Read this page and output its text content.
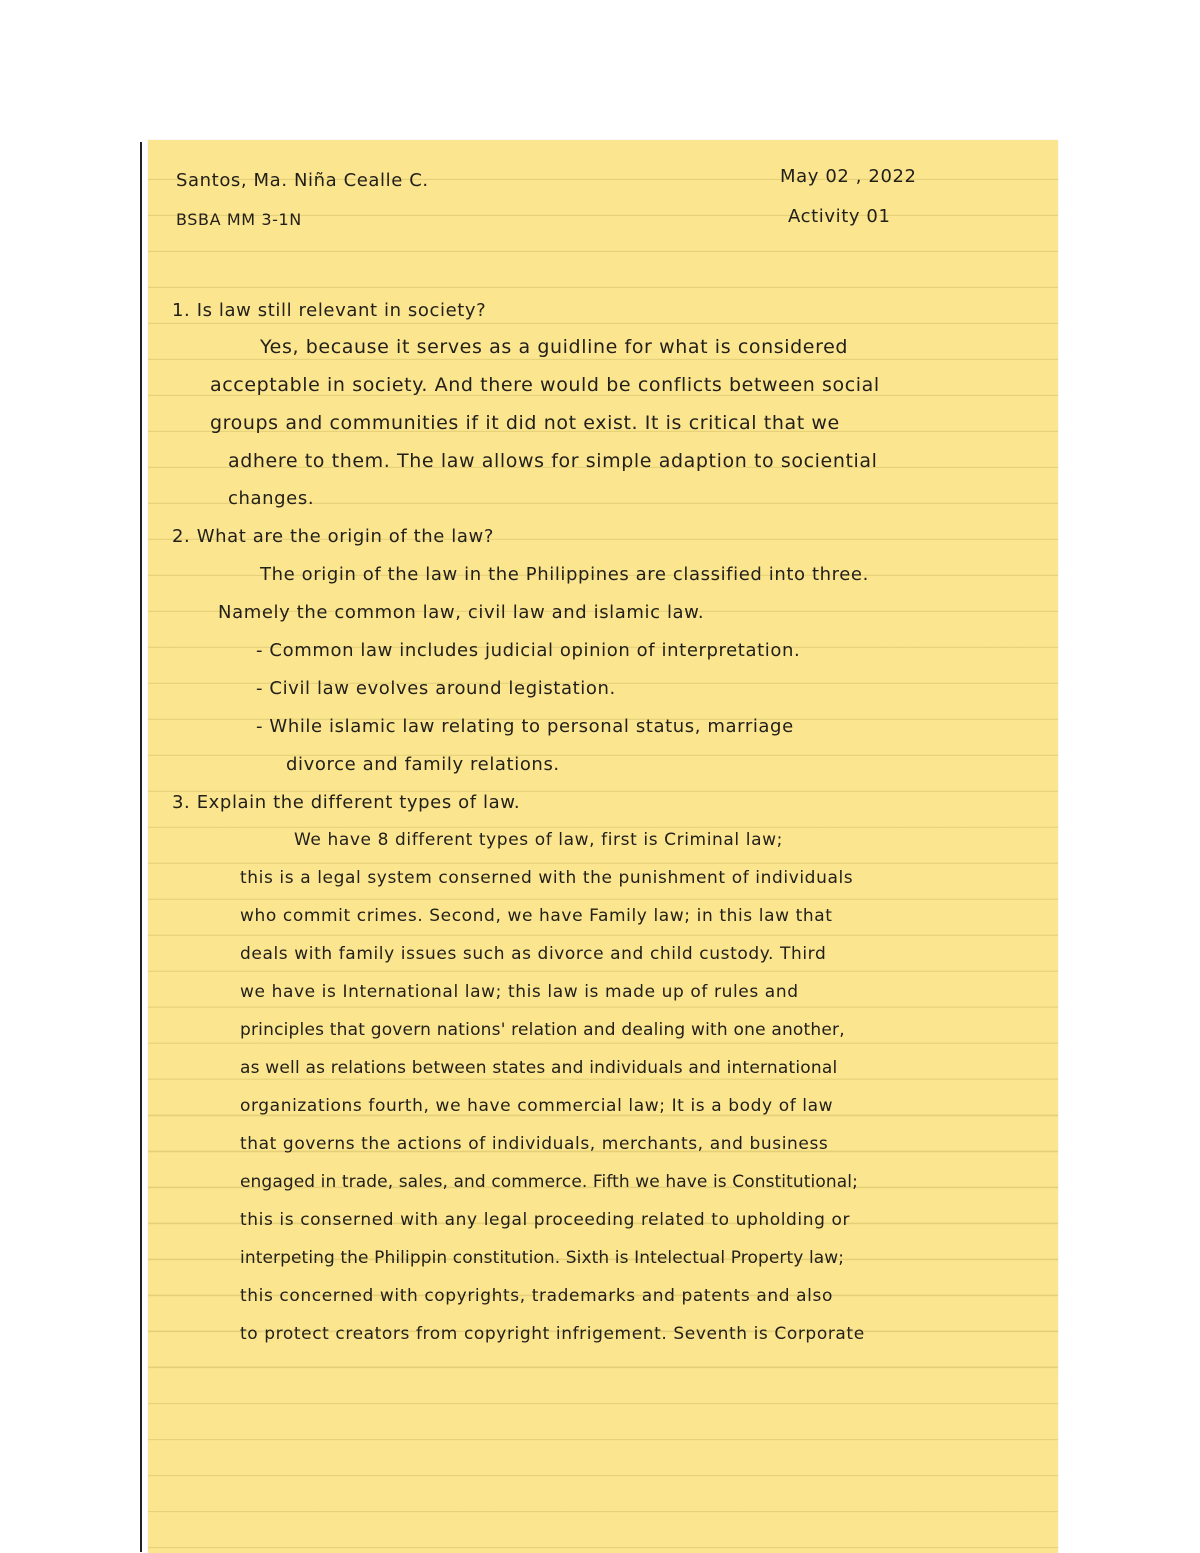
Santos, Ma. Niña Cealle C.	May 02 , 2022
BSBA MM 3-1N	Activity 01
1. Is law still relevant in society?
Yes, because it serves as a guidline for what is considered
acceptable in society. And there would be conflicts between social
groups and communities if it did not exist. It is critical that we
adhere to them. The law allows for simple adaption to sociential
changes.
2. What are the origin of the law?
The origin of the law in the Philippines are classified into three.
Namely the common law, civil law and islamic law.
- Common law includes judicial opinion of interpretation.
- Civil law evolves around legistation.
- While islamic law relating to personal status, marriage
divorce and family relations.
3. Explain the different types of law.
We have 8 different types of law, first is Criminal law;
this is a legal system conserned with the punishment of individuals
who commit crimes. Second, we have Family law; in this law that
deals with family issues such as divorce and child custody. Third
we have is International law; this law is made up of rules and
principles that govern nations' relation and dealing with one another,
as well as relations between states and individuals and international
organizations fourth, we have commercial law; It is a body of law
that governs the actions of individuals, merchants, and business
engaged in trade, sales, and commerce. Fifth we have is Constitutional;
this is conserned with any legal proceeding related to upholding or
interpeting the Philippin constitution. Sixth is Intelectual Property law;
this concerned with copyrights, trademarks and patents and also
to protect creators from copyright infrigement. Seventh is Corporate
